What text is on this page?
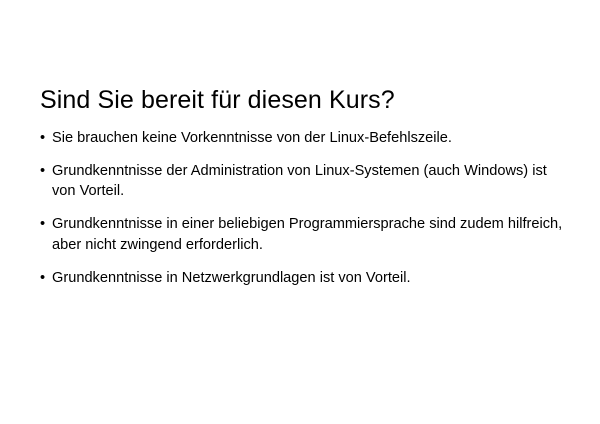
Sind Sie bereit für diesen Kurs?
• Sie brauchen keine Vorkenntnisse von der Linux-Befehlszeile.
• Grundkenntnisse der Administration von Linux-Systemen (auch Windows) ist von Vorteil.
• Grundkenntnisse in einer beliebigen Programmiersprache sind zudem hilfreich, aber nicht zwingend erforderlich.
• Grundkenntnisse in Netzwerkgrundlagen ist von Vorteil.
